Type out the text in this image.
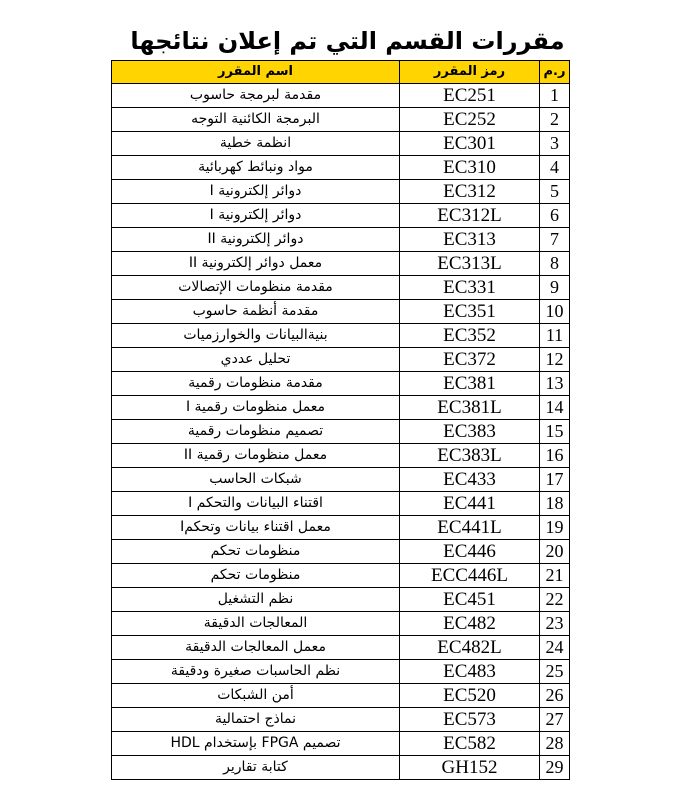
مقررات القسم التي تم إعلان نتائجها
ر.م	رمز المقرر	اسم المقرر
1	EC251	مقدمة لبرمجة حاسوب
2	EC252	البرمجة الكائنية التوجه
3	EC301	انظمة خطية
4	EC310	مواد ونبائط كهربائية
5	EC312	دوائر إلكترونية I
6	EC312L	دوائر إلكترونية I
7	EC313	دوائر إلكترونية II
8	EC313L	معمل دوائر إلكترونية II
9	EC331	مقدمة منظومات الإتصالات
10	EC351	مقدمة أنظمة حاسوب
11	EC352	بنيةالبيانات والخوارزميات
12	EC372	تحليل عددي
13	EC381	مقدمة منظومات رقمية
14	EC381L	معمل منظومات رقمية I
15	EC383	تصميم منظومات رقمية
16	EC383L	معمل منظومات رقمية II
17	EC433	شبكات الحاسب
18	EC441	اقتناء البيانات والتحكم I
19	EC441L	معمل اقتناء بيانات وتحكمI
20	EC446	منظومات تحكم
21	ECC446L	منظومات تحكم
22	EC451	نظم التشغيل
23	EC482	المعالجات الدقيقة
24	EC482L	معمل المعالجات الدقيقة
25	EC483	نظم الحاسبات صغيرة ودقيقة
26	EC520	أمن الشبكات
27	EC573	نماذج احتمالية
28	EC582	تصميم FPGA بإستخدام HDL
29	GH152	كتابة تقارير
